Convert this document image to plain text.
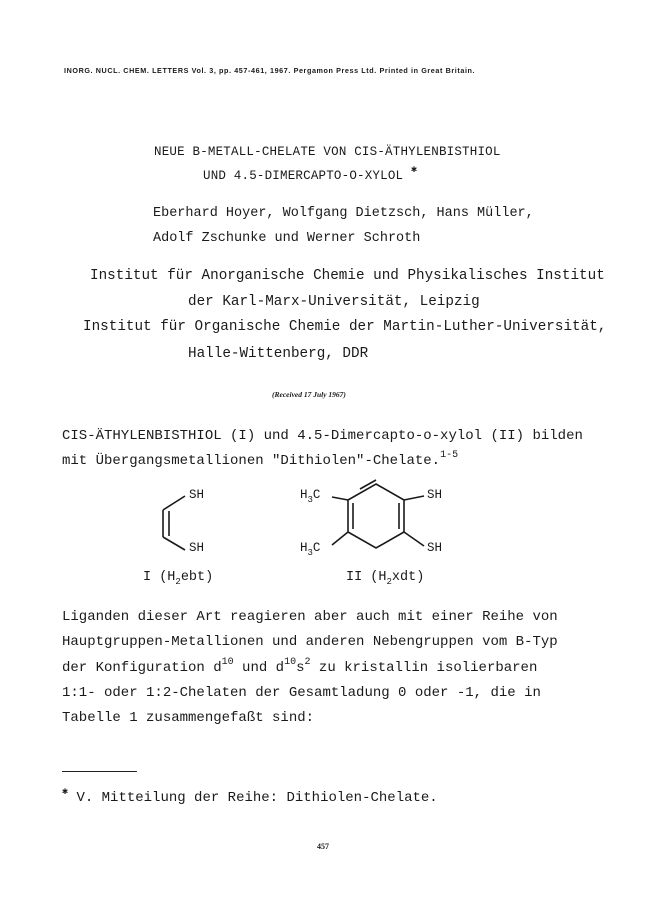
INORG. NUCL. CHEM. LETTERS Vol. 3, pp. 457-461, 1967. Pergamon Press Ltd. Printed in Great Britain.
NEUE B-METALL-CHELATE VON CIS-ÄTHYLENBISTHIOL
UND 4.5-DIMERCAPTO-O-XYLOL ✱
Eberhard Hoyer, Wolfgang Dietzsch, Hans Müller,
Adolf Zschunke und Werner Schroth
Institut für Anorganische Chemie und Physikalisches Institut
der Karl-Marx-Universität, Leipzig
Institut für Organische Chemie der Martin-Luther-Universität,
Halle-Wittenberg, DDR
(Received 17 July 1967)
CIS-ÄTHYLENBISTHIOL (I) und 4.5-Dimercapto-o-xylol (II) bilden
mit Übergangsmetallionen "Dithiolen"-Chelate.$^{1-5}$
SH
SH
$H_3C$
$H_3C$
SH
SH
I $(H_2ebt)$	II $(H_2xdt)$
Liganden dieser Art reagieren aber auch mit einer Reihe von
Hauptgruppen-Metallionen und anderen Nebengruppen vom B-Typ
der Konfiguration $d^{10}$ und $d^{10}s^2$ zu kristallin isolierbaren
1:1- oder 1:2-Chelaten der Gesamtladung 0 oder -1, die in
Tabelle 1 zusammengefaßt sind:
✱ V. Mitteilung der Reihe: Dithiolen-Chelate.
457
